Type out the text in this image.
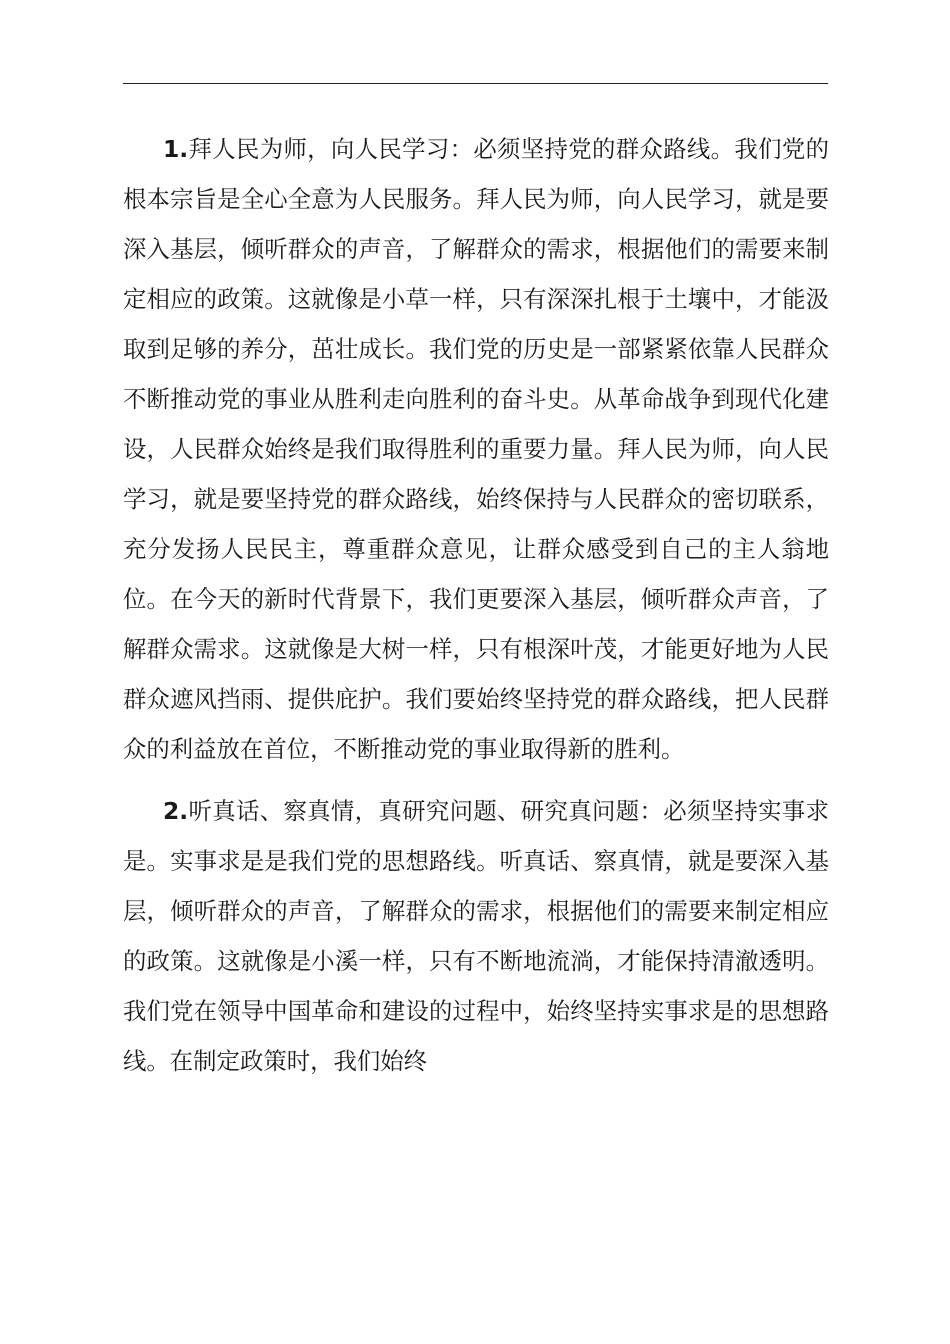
1.拜人民为师，向人民学习：必须坚持党的群众路线。我们党的根本宗旨是全心全意为人民服务。拜人民为师，向人民学习，就是要深入基层，倾听群众的声音，了解群众的需求，根据他们的需要来制定相应的政策。这就像是小草一样，只有深深扎根于土壤中，才能汲取到足够的养分，茁壮成长。我们党的历史是一部紧紧依靠人民群众不断推动党的事业从胜利走向胜利的奋斗史。从革命战争到现代化建设，人民群众始终是我们取得胜利的重要力量。拜人民为师，向人民学习，就是要坚持党的群众路线，始终保持与人民群众的密切联系，充分发扬人民民主，尊重群众意见，让群众感受到自己的主人翁地位。在今天的新时代背景下，我们更要深入基层，倾听群众声音，了解群众需求。这就像是大树一样，只有根深叶茂，才能更好地为人民群众遮风挡雨、提供庇护。我们要始终坚持党的群众路线，把人民群众的利益放在首位，不断推动党的事业取得新的胜利。

2.听真话、察真情，真研究问题、研究真问题：必须坚持实事求是。实事求是是我们党的思想路线。听真话、察真情，就是要深入基层，倾听群众的声音，了解群众的需求，根据他们的需要来制定相应的政策。这就像是小溪一样，只有不断地流淌，才能保持清澈透明。我们党在领导中国革命和建设的过程中，始终坚持实事求是的思想路线。在制定政策时，我们始终
